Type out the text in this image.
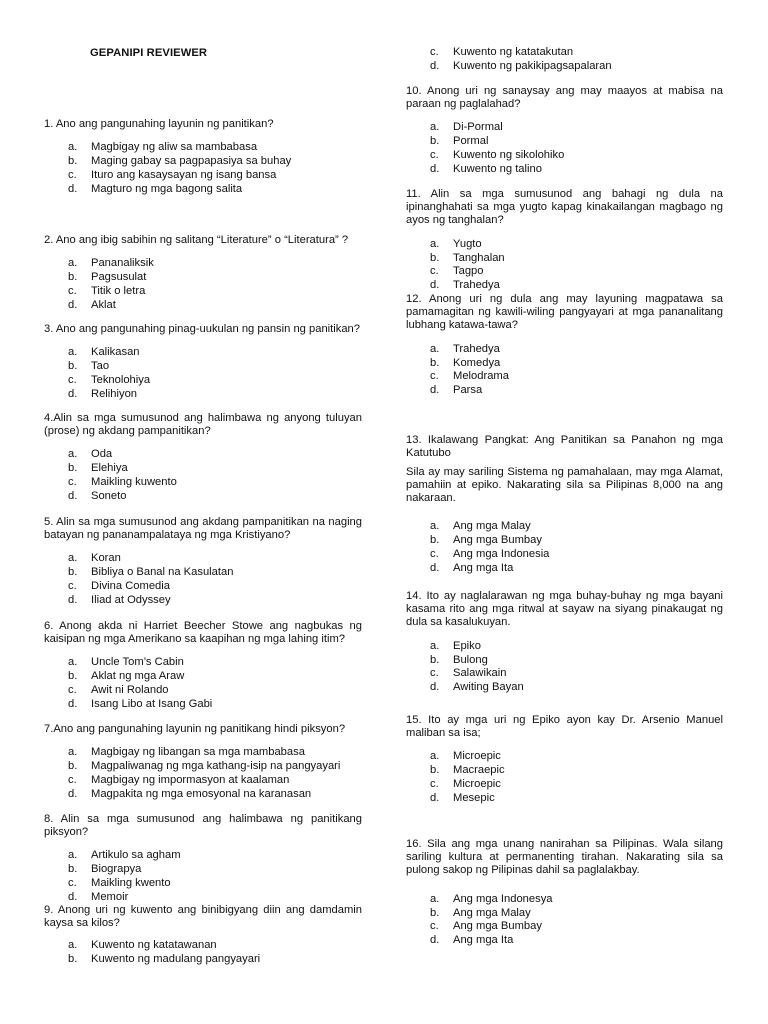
GEPANIPI REVIEWER
1. Ano ang pangunahing layunin ng panitikan?
a.	Magbigay ng aliw sa mambabasa
b.	Maging gabay sa pagpapasiya sa buhay
c.	Ituro ang kasaysayan ng isang bansa
d.	Magturo ng mga bagong salita
2. Ano ang ibig sabihin ng salitang “Literature” o “Literatura” ?
a.	Pananaliksik
b.	Pagsusulat
c.	Titik o letra
d.	Aklat
3. Ano ang pangunahing pinag-uukulan ng pansin ng panitikan?
a.	Kalikasan
b.	Tao
c.	Teknolohiya
d.	Relihiyon
4.Alin sa mga sumusunod ang halimbawa ng anyong tuluyan (prose) ng akdang pampanitikan?
a.	Oda
b.	Elehiya
c.	Maikling kuwento
d.	Soneto
5. Alin sa mga sumusunod ang akdang pampanitikan na naging batayan ng pananampalataya ng mga Kristiyano?
a.	Koran
b.	Bibliya o Banal na Kasulatan
c.	Divina Comedia
d.	Iliad at Odyssey
6. Anong akda ni Harriet Beecher Stowe ang nagbukas ng kaisipan ng mga Amerikano sa kaapihan ng mga lahing itim?
a.	Uncle Tom’s Cabin
b.	Aklat ng mga Araw
c.	Awit ni Rolando
d.	Isang Libo at Isang Gabi
7.Ano ang pangunahing layunin ng panitikang hindi piksyon?
a.	Magbigay ng libangan sa mga mambabasa
b.	Magpaliwanag ng mga kathang-isip na pangyayari
c.	Magbigay ng impormasyon at kaalaman
d.	Magpakita ng mga emosyonal na karanasan
8. Alin sa mga sumusunod ang halimbawa ng panitikang piksyon?
a.	Artikulo sa agham
b.	Biograpya
c.	Maikling kwento
d.	Memoir
9. Anong uri ng kuwento ang binibigyang diin ang damdamin kaysa sa kilos?
a.	Kuwento ng katatawanan
b.	Kuwento ng madulang pangyayari
c.	Kuwento ng katatakutan
d.	Kuwento ng pakikipagsapalaran
10. Anong uri ng sanaysay ang may maayos at mabisa na paraan ng paglalahad?
a.	Di-Pormal
b.	Pormal
c.	Kuwento ng sikolohiko
d.	Kuwento ng talino
11. Alin sa mga sumusunod ang bahagi ng dula na ipinanghahati sa mga yugto kapag kinakailangan magbago ng ayos ng tanghalan?
a.	Yugto
b.	Tanghalan
c.	Tagpo
d.	Trahedya
12. Anong uri ng dula ang may layuning magpatawa sa pamamagitan ng kawili-wiling pangyayari at mga pananalitang lubhang katawa-tawa?
a.	Trahedya
b.	Komedya
c.	Melodrama
d.	Parsa
13. Ikalawang Pangkat: Ang Panitikan sa Panahon ng mga Katutubo
Sila ay may sariling Sistema ng pamahalaan, may mga Alamat, pamahiin at epiko. Nakarating sila sa Pilipinas 8,000 na ang nakaraan.
a.	Ang mga Malay
b.	Ang mga Bumbay
c.	Ang mga Indonesia
d.	Ang mga Ita
14. Ito ay naglalarawan ng mga buhay-buhay ng mga bayani kasama rito ang mga ritwal at sayaw na siyang pinakaugat ng dula sa kasalukuyan.
a.	Epiko
b.	Bulong
c.	Salawikain
d.	Awiting Bayan
15. Ito ay mga uri ng Epiko ayon kay Dr. Arsenio Manuel maliban sa isa;
a.	Microepic
b.	Macraepic
c.	Microepic
d.	Mesepic
16. Sila ang mga unang nanirahan sa Pilipinas. Wala silang sariling kultura at permanenting tirahan. Nakarating sila sa pulong sakop ng Pilipinas dahil sa paglalakbay.
a.	Ang mga Indonesya
b.	Ang mga Malay
c.	Ang mga Bumbay
d.	Ang mga Ita
